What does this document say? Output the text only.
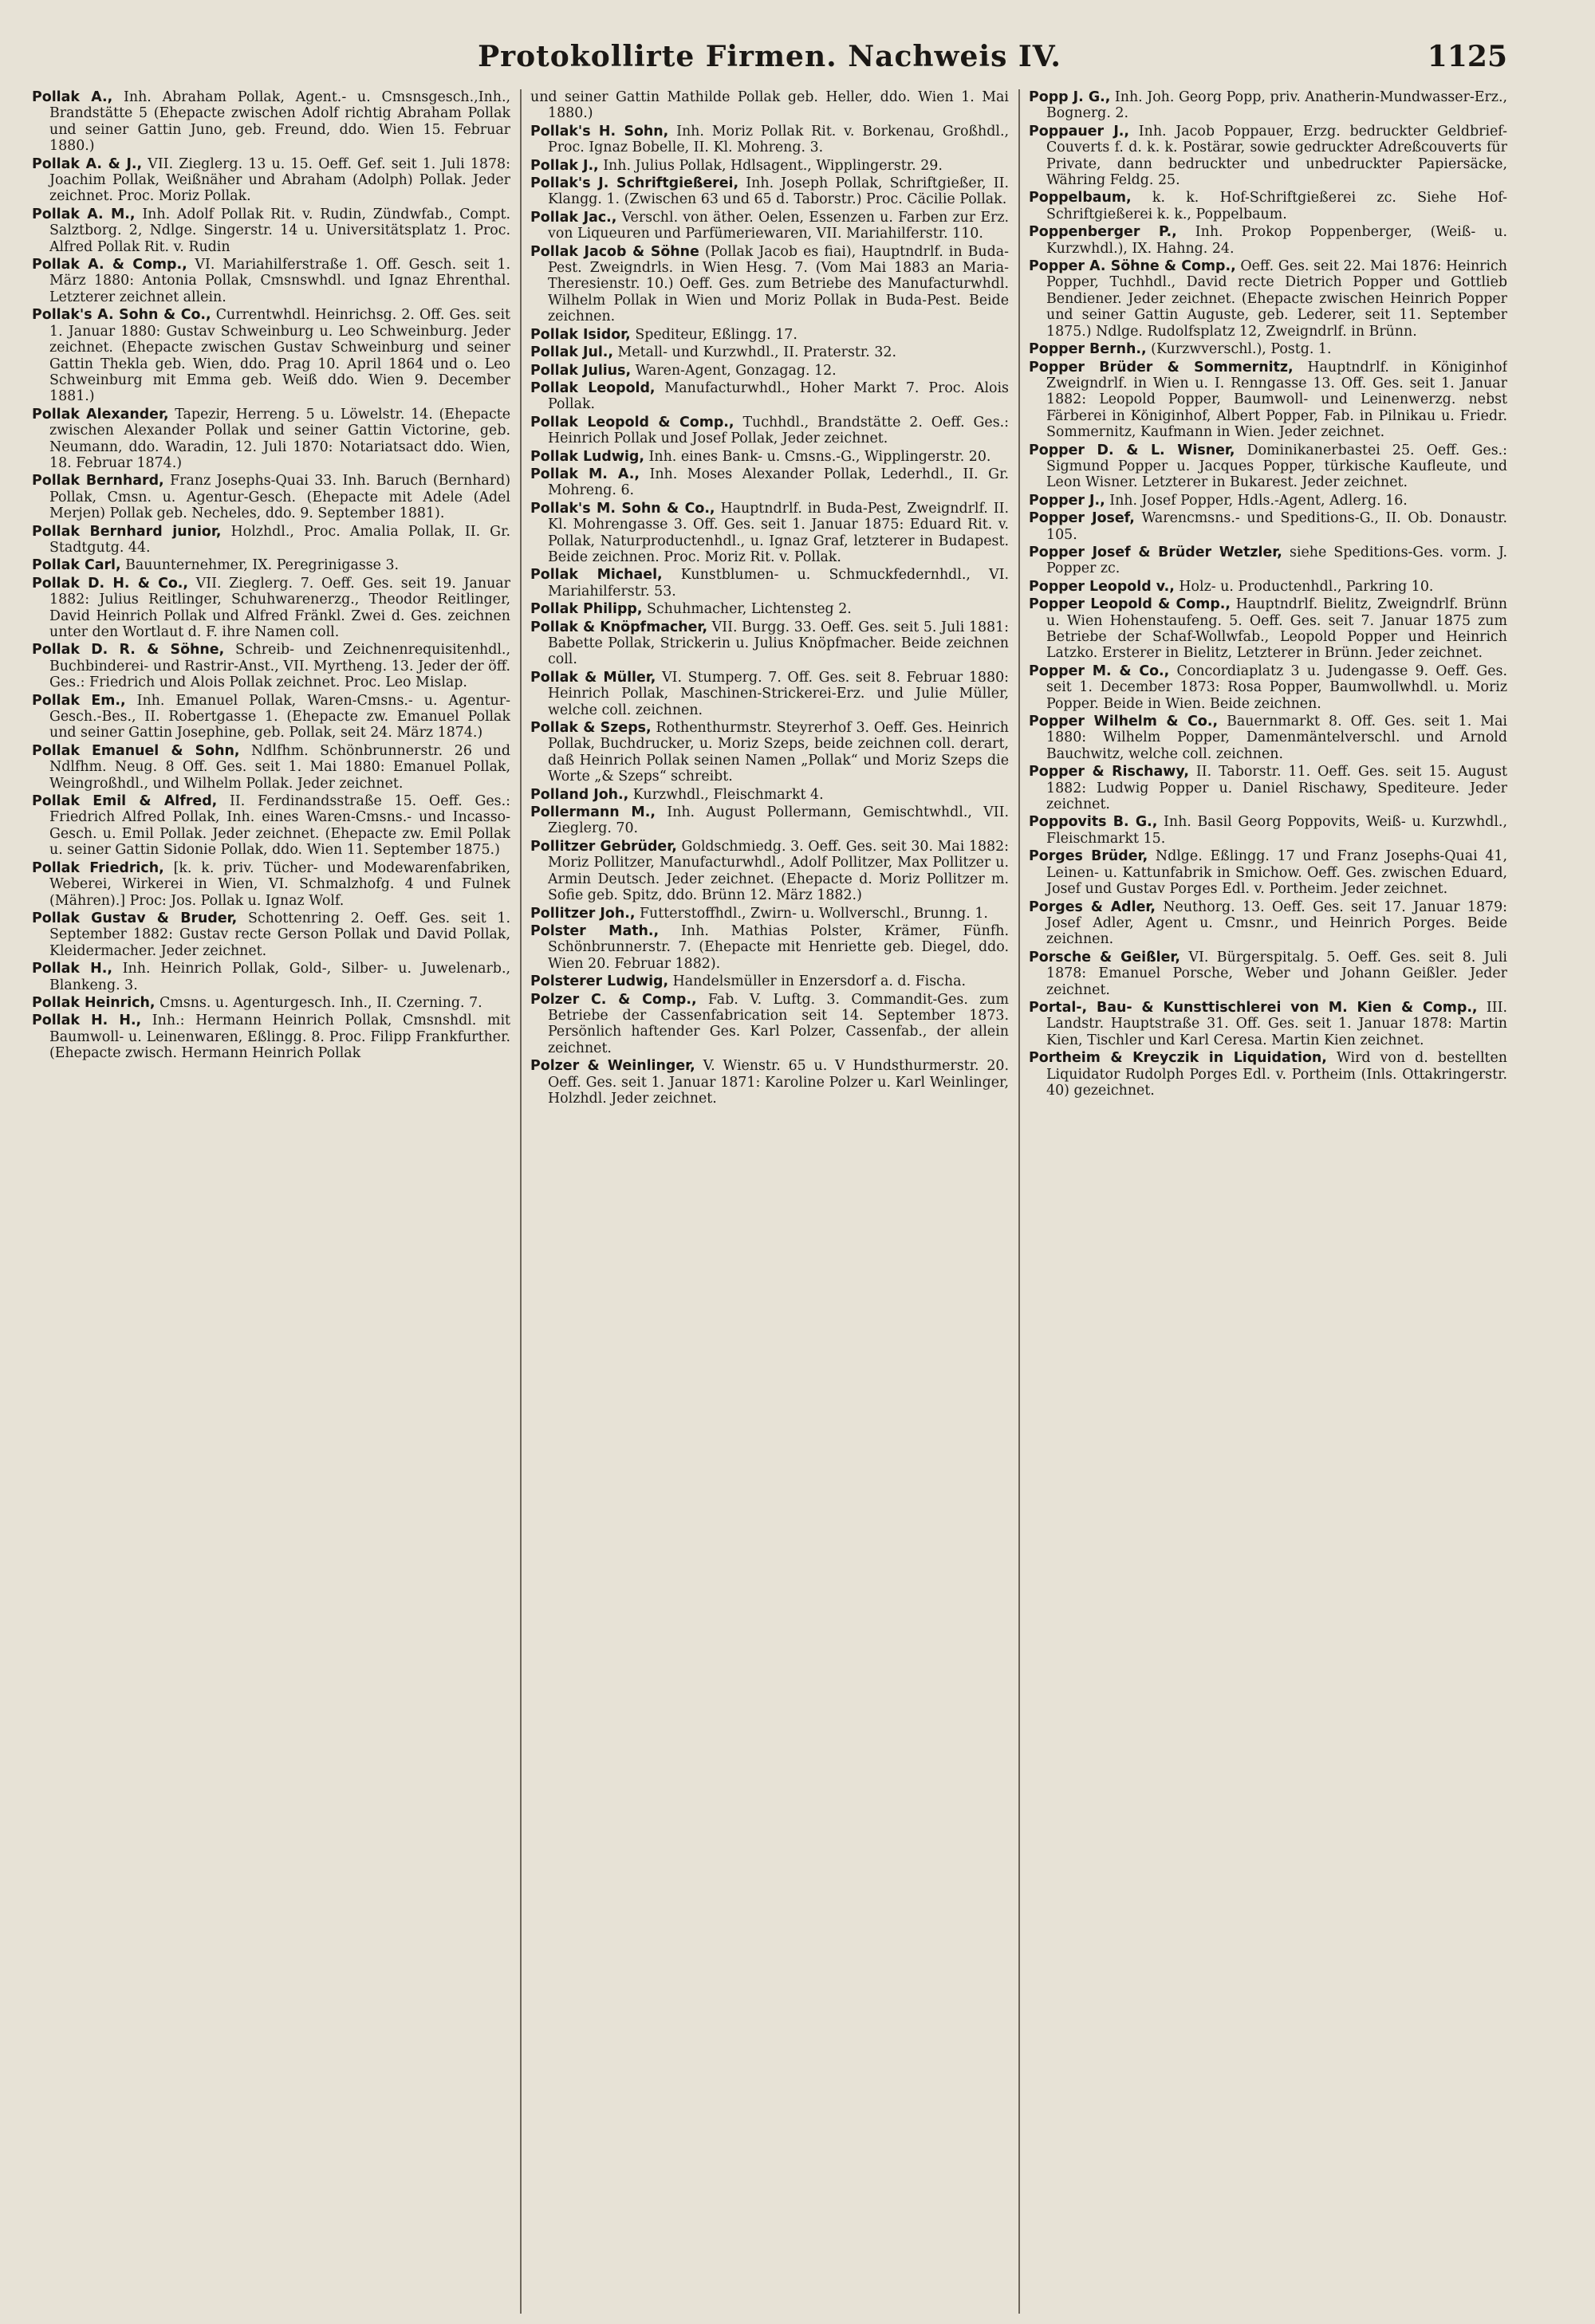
Protokollirte Firmen. Nachweis IV.	1125

Pollak A., Inh. Abraham Pollak, Agent.- u. Cmsnsgesch.,Inh., Brandstätte 5 (Ehepacte zwischen Adolf richtig Abraham Pollak und seiner Gattin Juno, geb. Freund, ddo. Wien 15. Februar 1880.)

Pollak A. & J., VII. Zieglerg. 13 u. 15. Oeff. Gef. seit 1. Juli 1878: Joachim Pollak, Weißnäher und Abraham (Adolph) Pollak. Jeder zeichnet. Proc. Moriz Pollak.

Pollak A. M., Inh. Adolf Pollak Rit. v. Rudin, Zündwfab., Compt. Salztborg. 2, Ndlge. Singerstr. 14 u. Universitätsplatz 1. Proc. Alfred Pollak Rit. v. Rudin

Pollak A. & Comp., VI. Mariahilferstraße 1. Off. Gesch. seit 1. März 1880: Antonia Pollak, Cmsnswhdl. und Ignaz Ehrenthal. Letzterer zeichnet allein.

Pollak's A. Sohn & Co., Currentwhdl. Heinrichsg. 2. Off. Ges. seit 1. Januar 1880: Gustav Schweinburg u. Leo Schweinburg. Jeder zeichnet. (Ehepacte zwischen Gustav Schweinburg und seiner Gattin Thekla geb. Wien, ddo. Prag 10. April 1864 und o. Leo Schweinburg mit Emma geb. Weiß ddo. Wien 9. December 1881.)

Pollak Alexander, Tapezir, Herreng. 5 u. Löwelstr. 14. (Ehepacte zwischen Alexander Pollak und seiner Gattin Victorine, geb. Neumann, ddo. Waradin, 12. Juli 1870: Notariatsact ddo. Wien, 18. Februar 1874.)

Pollak Bernhard, Franz Josephs-Quai 33. Inh. Baruch (Bernhard) Pollak, Cmsn. u. Agentur-Gesch. (Ehepacte mit Adele (Adel Merjen) Pollak geb. Necheles, ddo. 9. September 1881).

Pollak Bernhard junior, Holzhdl., Proc. Amalia Pollak, II. Gr. Stadtgutg. 44.

Pollak Carl, Bauunternehmer, IX. Peregrinigasse 3.

Pollak D. H. & Co., VII. Zieglerg. 7. Oeff. Ges. seit 19. Januar 1882: Julius Reitlinger, Schuhwarenerzg., Theodor Reitlinger, David Heinrich Pollak und Alfred Fränkl. Zwei d. Ges. zeichnen unter den Wortlaut d. F. ihre Namen coll.

Pollak D. R. & Söhne, Schreib- und Zeichnenrequisitenhdl., Buchbinderei- und Rastrir-Anst., VII. Myrtheng. 13. Jeder der öff. Ges.: Friedrich und Alois Pollak zeichnet. Proc. Leo Mislap.

Pollak Em., Inh. Emanuel Pollak, Waren-Cmsns.- u. Agentur-Gesch.-Bes., II. Robertgasse 1. (Ehepacte zw. Emanuel Pollak und seiner Gattin Josephine, geb. Pollak, seit 24. März 1874.)

Pollak Emanuel & Sohn, Ndlfhm. Schönbrunnerstr. 26 und Ndlfhm. Neug. 8 Off. Ges. seit 1. Mai 1880: Emanuel Pollak, Weingroßhdl., und Wilhelm Pollak. Jeder zeichnet.

Pollak Emil & Alfred, II. Ferdinandsstraße 15. Oeff. Ges.: Friedrich Alfred Pollak, Inh. eines Waren-Cmsns.- und Incasso-Gesch. u. Emil Pollak. Jeder zeichnet. (Ehepacte zw. Emil Pollak u. seiner Gattin Sidonie Pollak, ddo. Wien 11. September 1875.)

Pollak Friedrich, [k. k. priv. Tücher- und Modewarenfabriken, Weberei, Wirkerei in Wien, VI. Schmalzhofg. 4 und Fulnek (Mähren).] Proc: Jos. Pollak u. Ignaz Wolf.

Pollak Gustav & Bruder, Schottenring 2. Oeff. Ges. seit 1. September 1882: Gustav recte Gerson Pollak und David Pollak, Kleidermacher. Jeder zeichnet.

Pollak H., Inh. Heinrich Pollak, Gold-, Silber- u. Juwelenarb., Blankeng. 3.

Pollak Heinrich, Cmsns. u. Agenturgesch. Inh., II. Czerning. 7.

Pollak H. H., Inh.: Hermann Heinrich Pollak, Cmsnshdl. mit Baumwoll- u. Leinenwaren, Eßlingg. 8. Proc. Filipp Frankfurther. (Ehepacte zwisch. Hermann Heinrich Pollak

und seiner Gattin Mathilde Pollak geb. Heller, ddo. Wien 1. Mai 1880.)

Pollak's H. Sohn, Inh. Moriz Pollak Rit. v. Borkenau, Großhdl., Proc. Ignaz Bobelle, II. Kl. Mohreng. 3.

Pollak J., Inh. Julius Pollak, Hdlsagent., Wipplingerstr. 29.

Pollak's J. Schriftgießerei, Inh. Joseph Pollak, Schriftgießer, II. Klangg. 1. (Zwischen 63 und 65 d. Taborstr.) Proc. Cäcilie Pollak.

Pollak Jac., Verschl. von äther. Oelen, Essenzen u. Farben zur Erz. von Liqueuren und Parfümeriewaren, VII. Mariahilferstr. 110.

Pollak Jacob & Söhne (Pollak Jacob es fiai), Hauptndrlf. in Buda-Pest. Zweigndrls. in Wien Hesg. 7. (Vom Mai 1883 an Maria-Theresienstr. 10.) Oeff. Ges. zum Betriebe des Manufacturwhdl. Wilhelm Pollak in Wien und Moriz Pollak in Buda-Pest. Beide zeichnen.

Pollak Isidor, Spediteur, Eßlingg. 17.

Pollak Jul., Metall- und Kurzwhdl., II. Praterstr. 32.

Pollak Julius, Waren-Agent, Gonzagag. 12.

Pollak Leopold, Manufacturwhdl., Hoher Markt 7. Proc. Alois Pollak.

Pollak Leopold & Comp., Tuchhdl., Brandstätte 2. Oeff. Ges.: Heinrich Pollak und Josef Pollak, Jeder zeichnet.

Pollak Ludwig, Inh. eines Bank- u. Cmsns.-G., Wipplingerstr. 20.

Pollak M. A., Inh. Moses Alexander Pollak, Lederhdl., II. Gr. Mohreng. 6.

Pollak's M. Sohn & Co., Hauptndrlf. in Buda-Pest, Zweigndrlf. II. Kl. Mohrengasse 3. Off. Ges. seit 1. Januar 1875: Eduard Rit. v. Pollak, Naturproductenhdl., u. Ignaz Graf, letzterer in Budapest. Beide zeichnen. Proc. Moriz Rit. v. Pollak.

Pollak Michael, Kunstblumen- u. Schmuckfedernhdl., VI. Mariahilferstr. 53.

Pollak Philipp, Schuhmacher, Lichtensteg 2.

Pollak & Knöpfmacher, VII. Burgg. 33. Oeff. Ges. seit 5. Juli 1881: Babette Pollak, Strickerin u. Julius Knöpfmacher. Beide zeichnen coll.

Pollak & Müller, VI. Stumperg. 7. Off. Ges. seit 8. Februar 1880: Heinrich Pollak, Maschinen-Strickerei-Erz. und Julie Müller, welche coll. zeichnen.

Pollak & Szeps, Rothenthurmstr. Steyrerhof 3. Oeff. Ges. Heinrich Pollak, Buchdrucker, u. Moriz Szeps, beide zeichnen coll. derart, daß Heinrich Pollak seinen Namen „Pollak“ und Moriz Szeps die Worte „& Szeps“ schreibt.

Polland Joh., Kurzwhdl., Fleischmarkt 4.

Pollermann M., Inh. August Pollermann, Gemischtwhdl., VII. Zieglerg. 70.

Pollitzer Gebrüder, Goldschmiedg. 3. Oeff. Ges. seit 30. Mai 1882: Moriz Pollitzer, Manufacturwhdl., Adolf Pollitzer, Max Pollitzer u. Armin Deutsch. Jeder zeichnet. (Ehepacte d. Moriz Pollitzer m. Sofie geb. Spitz, ddo. Brünn 12. März 1882.)

Pollitzer Joh., Futterstoffhdl., Zwirn- u. Wollverschl., Brunng. 1.

Polster Math., Inh. Mathias Polster, Krämer, Fünfh. Schönbrunnerstr. 7. (Ehepacte mit Henriette geb. Diegel, ddo. Wien 20. Februar 1882).

Polsterer Ludwig, Handelsmüller in Enzersdorf a. d. Fischa.

Polzer C. & Comp., Fab. V. Luftg. 3. Commandit-Ges. zum Betriebe der Cassenfabrication seit 14. September 1873. Persönlich haftender Ges. Karl Polzer, Cassenfab., der allein zeichnet.

Polzer & Weinlinger, V. Wienstr. 65 u. V Hundsthurmerstr. 20. Oeff. Ges. seit 1. Januar 1871: Karoline Polzer u. Karl Weinlinger, Holzhdl. Jeder zeichnet.

Popp J. G., Inh. Joh. Georg Popp, priv. Anatherin-Mundwasser-Erz., Bognerg. 2.

Poppauer J., Inh. Jacob Poppauer, Erzg. bedruckter Geldbrief-Couverts f. d. k. k. Postärar, sowie gedruckter Adreßcouverts für Private, dann bedruckter und unbedruckter Papiersäcke, Währing Feldg. 25.

Poppelbaum, k. k. Hof-Schriftgießerei zc. Siehe Hof-Schriftgießerei k. k., Poppelbaum.

Poppenberger P., Inh. Prokop Poppenberger, (Weiß- u. Kurzwhdl.), IX. Hahng. 24.

Popper A. Söhne & Comp., Oeff. Ges. seit 22. Mai 1876: Heinrich Popper, Tuchhdl., David recte Dietrich Popper und Gottlieb Bendiener. Jeder zeichnet. (Ehepacte zwischen Heinrich Popper und seiner Gattin Auguste, geb. Lederer, seit 11. September 1875.) Ndlge. Rudolfsplatz 12, Zweigndrlf. in Brünn.

Popper Bernh., (Kurzwverschl.), Postg. 1.

Popper Brüder & Sommernitz, Hauptndrlf. in Königinhof Zweigndrlf. in Wien u. I. Renngasse 13. Off. Ges. seit 1. Januar 1882: Leopold Popper, Baumwoll- und Leinenwerzg. nebst Färberei in Königinhof, Albert Popper, Fab. in Pilnikau u. Friedr. Sommernitz, Kaufmann in Wien. Jeder zeichnet.

Popper D. & L. Wisner, Dominikanerbastei 25. Oeff. Ges.: Sigmund Popper u. Jacques Popper, türkische Kaufleute, und Leon Wisner. Letzterer in Bukarest. Jeder zeichnet.

Popper J., Inh. Josef Popper, Hdls.-Agent, Adlerg. 16.

Popper Josef, Warencmsns.- und Speditions-G., II. Ob. Donaustr. 105.

Popper Josef & Brüder Wetzler, siehe Speditions-Ges. vorm. J. Popper zc.

Popper Leopold v., Holz- u. Productenhdl., Parkring 10.

Popper Leopold & Comp., Hauptndrlf. Bielitz, Zweigndrlf. Brünn u. Wien Hohenstaufeng. 5. Oeff. Ges. seit 7. Januar 1875 zum Betriebe der Schaf-Wollwfab., Leopold Popper und Heinrich Latzko. Ersterer in Bielitz, Letzterer in Brünn. Jeder zeichnet.

Popper M. & Co., Concordiaplatz 3 u. Judengasse 9. Oeff. Ges. seit 1. December 1873: Rosa Popper, Baumwollwhdl. u. Moriz Popper. Beide in Wien. Beide zeichnen.

Popper Wilhelm & Co., Bauernmarkt 8. Off. Ges. seit 1. Mai 1880: Wilhelm Popper, Damenmäntelverschl. und Arnold Bauchwitz, welche coll. zeichnen.

Popper & Rischawy, II. Taborstr. 11. Oeff. Ges. seit 15. August 1882: Ludwig Popper u. Daniel Rischawy, Spediteure. Jeder zeichnet.

Poppovits B. G., Inh. Basil Georg Poppovits, Weiß- u. Kurzwhdl., Fleischmarkt 15.

Porges Brüder, Ndlge. Eßlingg. 17 und Franz Josephs-Quai 41, Leinen- u. Kattunfabrik in Smichow. Oeff. Ges. zwischen Eduard, Josef und Gustav Porges Edl. v. Portheim. Jeder zeichnet.

Porges & Adler, Neuthorg. 13. Oeff. Ges. seit 17. Januar 1879: Josef Adler, Agent u. Cmsnr., und Heinrich Porges. Beide zeichnen.

Porsche & Geißler, VI. Bürgerspitalg. 5. Oeff. Ges. seit 8. Juli 1878: Emanuel Porsche, Weber und Johann Geißler. Jeder zeichnet.

Portal-, Bau- & Kunsttischlerei von M. Kien & Comp., III. Landstr. Hauptstraße 31. Off. Ges. seit 1. Januar 1878: Martin Kien, Tischler und Karl Ceresa. Martin Kien zeichnet.

Portheim & Kreyczik in Liquidation, Wird von d. bestellten Liquidator Rudolph Porges Edl. v. Portheim (Inls. Ottakringerstr. 40) gezeichnet.
